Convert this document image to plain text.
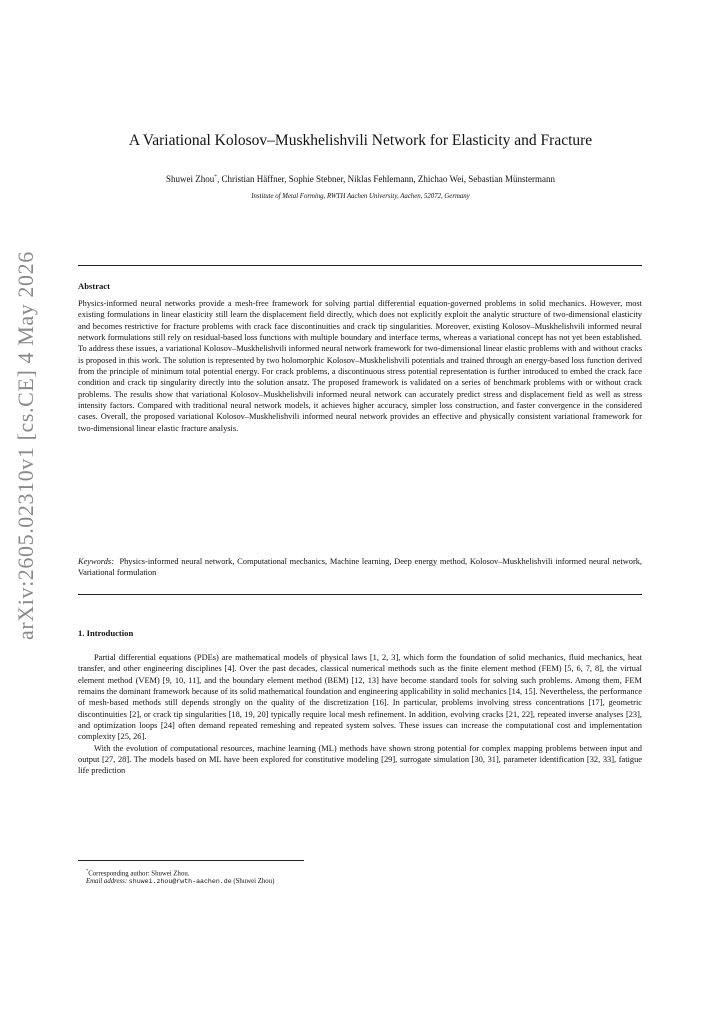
arXiv:2605.02310v1 [cs.CE] 4 May 2026
A Variational Kolosov–Muskhelishvili Network for Elasticity and Fracture
Shuwei Zhou*, Christian Häffner, Sophie Stebner, Niklas Fehlemann, Zhichao Wei, Sebastian Münstermann
Institute of Metal Forming, RWTH Aachen University, Aachen, 52072, Germany
Abstract
Physics-informed neural networks provide a mesh-free framework for solving partial differential equation-governed problems in solid mechanics. However, most existing formulations in linear elasticity still learn the displacement field directly, which does not explicitly exploit the analytic structure of two-dimensional elasticity and becomes restrictive for fracture problems with crack face discontinuities and crack tip singularities. Moreover, existing Kolosov–Muskhelishvili informed neural network formulations still rely on residual-based loss functions with multiple boundary and interface terms, whereas a variational concept has not yet been established. To address these issues, a variational Kolosov–Muskhelishvili informed neural network framework for two-dimensional linear elastic problems with and without cracks is proposed in this work. The solution is represented by two holomorphic Kolosov–Muskhelishvili potentials and trained through an energy-based loss function derived from the principle of minimum total potential energy. For crack problems, a discontinuous stress potential representation is further introduced to embed the crack face condition and crack tip singularity directly into the solution ansatz. The proposed framework is validated on a series of benchmark problems with or without crack problems. The results show that variational Kolosov–Muskhelishvili informed neural network can accurately predict stress and displacement field as well as stress intensity factors. Compared with traditional neural network models, it achieves higher accuracy, simpler loss construction, and faster convergence in the considered cases. Overall, the proposed variational Kolosov–Muskhelishvili informed neural network provides an effective and physically consistent variational framework for two-dimensional linear elastic fracture analysis.
Keywords: Physics-informed neural network, Computational mechanics, Machine learning, Deep energy method, Kolosov–Muskhelishvili informed neural network, Variational formulation
1. Introduction

Partial differential equations (PDEs) are mathematical models of physical laws [1, 2, 3], which form the foundation of solid mechanics, fluid mechanics, heat transfer, and other engineering disciplines [4]. Over the past decades, classical numerical methods such as the finite element method (FEM) [5, 6, 7, 8], the virtual element method (VEM) [9, 10, 11], and the boundary element method (BEM) [12, 13] have become standard tools for solving such problems. Among them, FEM remains the dominant framework because of its solid mathematical foundation and engineering applicability in solid mechanics [14, 15]. Nevertheless, the performance of mesh-based methods still depends strongly on the quality of the discretization [16]. In particular, problems involving stress concentrations [17], geometric discontinuities [2], or crack tip singularities [18, 19, 20] typically require local mesh refinement. In addition, evolving cracks [21, 22], repeated inverse analyses [23], and optimization loops [24] often demand repeated remeshing and repeated system solves. These issues can increase the computational cost and implementation complexity [25, 26].

With the evolution of computational resources, machine learning (ML) methods have shown strong potential for complex mapping problems between input and output [27, 28]. The models based on ML have been explored for constitutive modeling [29], surrogate simulation [30, 31], parameter identification [32, 33], fatigue life prediction

*Corresponding author: Shuwei Zhou.
Email address: shuwei.zhou@rwth-aachen.de (Shuwei Zhou)
